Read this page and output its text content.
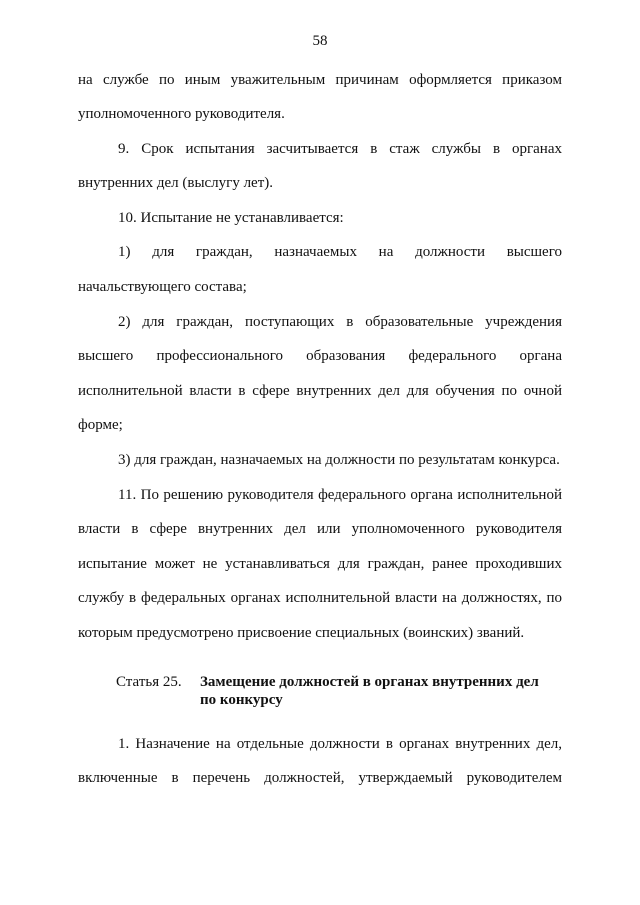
58
на службе по иным уважительным причинам оформляется приказом
уполномоченного руководителя.
9. Срок испытания засчитывается в стаж службы в органах
внутренних дел (выслугу лет).
10. Испытание не устанавливается:
1) для граждан, назначаемых на должности высшего
начальствующего состава;
2) для граждан, поступающих в образовательные учреждения
высшего профессионального образования федерального органа
исполнительной власти в сфере внутренних дел для обучения по очной
форме;
3) для граждан, назначаемых на должности по результатам конкурса.
11. По решению руководителя федерального органа исполнительной
власти в сфере внутренних дел или уполномоченного руководителя
испытание может не устанавливаться для граждан, ранее проходивших
службу в федеральных органах исполнительной власти на должностях, по
которым предусмотрено присвоение специальных (воинских) званий.
Статья 25. Замещение должностей в органах внутренних дел
по конкурсу
1. Назначение на отдельные должности в органах внутренних дел,
включенные в перечень должностей, утверждаемый руководителем
